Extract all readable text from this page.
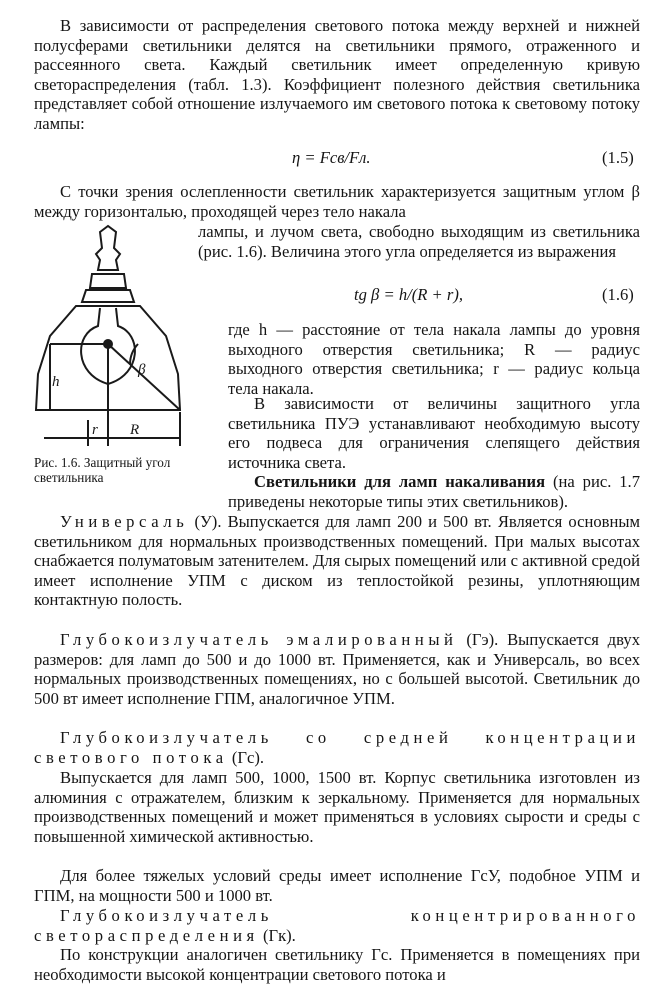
В зависимости от распределения светового потока между верхней и нижней полусферами светильники делятся на светильники прямого, отраженного и рассеянного света. Каждый светильник имеет определенную кривую светораспределения (табл. 1.3). Коэффициент полезного действия светильника представляет собой отношение излучаемого им светового потока к световому потоку лампы:

η = Fсв/Fл.	(1.5)

С точки зрения ослепленности светильник характеризуется защитным углом β между горизонталью, проходящей через тело накала

h
β
r R

лампы, и лучом света, свободно выходящим из светильника (рис. 1.6). Величина этого угла определяется из выражения

tg β = h/(R + r),	(1.6)

где h — расстояние от тела накала лампы до уровня выходного отверстия светильника; R — радиус выходного отверстия светильника; r — радиус кольца тела накала.

В зависимости от величины защитного угла светильника ПУЭ устанавливают необходимую высоту его подвеса для ограничения слепящего действия источника света.

Рис. 1.6. Защитный угол светильника	Светильники для ламп накаливания (на рис. 1.7 приведены некоторые типы этих светильников).

Универсаль (У). Выпускается для ламп 200 и 500 вт. Является основным светильником для нормальных производственных помещений. При малых высотах снабжается полуматовым затенителем. Для сырых помещений или с активной средой имеет исполнение УПМ с диском из теплостойкой резины, уплотняющим контактную полость.

Глубокоизлучатель эмалированный (Гэ). Выпускается двух размеров: для ламп до 500 и до 1000 вт. Применяется, как и Универсаль, во всех нормальных производственных помещениях, но с большей высотой. Светильник до 500 вт имеет исполнение ГПМ, аналогичное УПМ.

Глубокоизлучатель со средней концентрации светового потока (Гс).

Выпускается для ламп 500, 1000, 1500 вт. Корпус светильника изготовлен из алюминия с отражателем, близким к зеркальному. Применяется для нормальных производственных помещений и может применяться в условиях сырости и среды с повышенной химической активностью.

Для более тяжелых условий среды имеет исполнение ГсУ, подобное УПМ и ГПМ, на мощности 500 и 1000 вт.

Глубокоизлучатель концентрированного светораспределения (Гк).

По конструкции аналогичен светильнику Гс. Применяется в помещениях при необходимости высокой концентрации светового потока и
